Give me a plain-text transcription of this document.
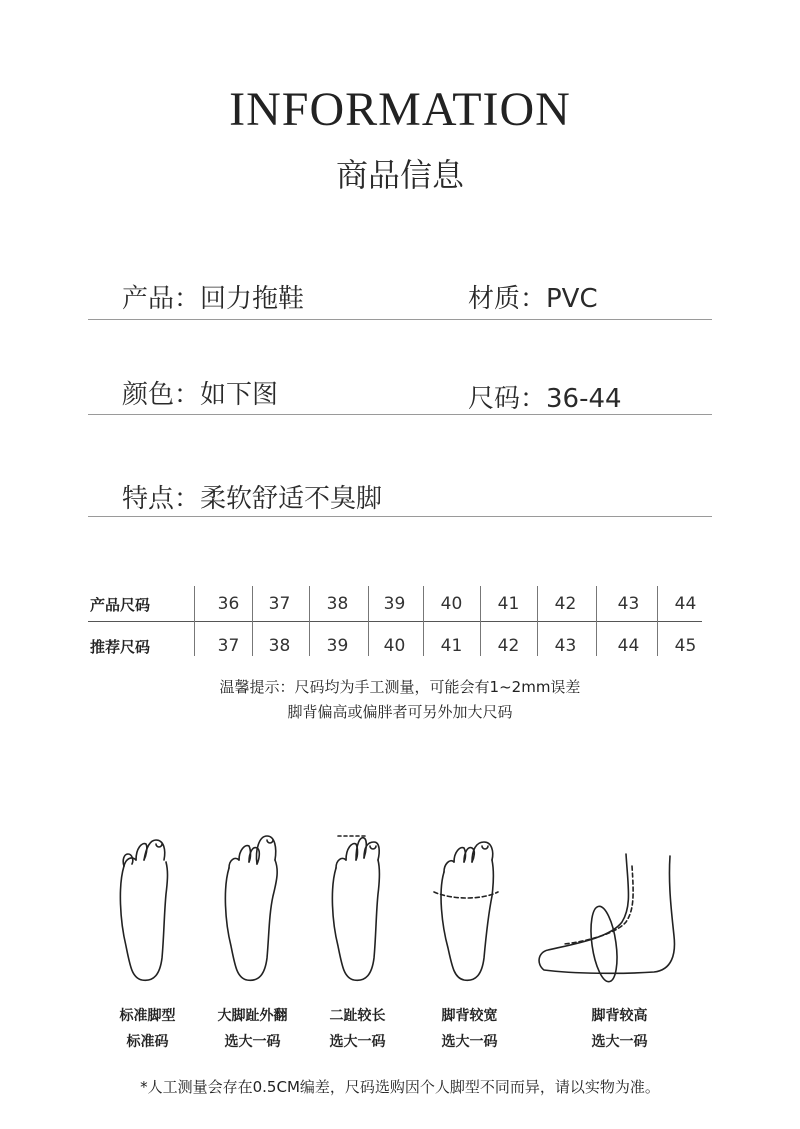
INFORMATION
商品信息
产品：回力拖鞋	材质：PVC
颜色：如下图	尺码：36-44
特点：柔软舒适不臭脚
产品尺码	36	37	38	39	40	41	42	43	44
推荐尺码	37	38	39	40	41	42	43	44	45
温馨提示：尺码均为手工测量，可能会有1~2mm误差
脚背偏高或偏胖者可另外加大尺码
标准脚型
标准码
大脚趾外翻
选大一码
二趾较长
选大一码
脚背较宽
选大一码
脚背较高
选大一码
*人工测量会存在0.5CM编差，尺码选购因个人脚型不同而异，请以实物为准。
